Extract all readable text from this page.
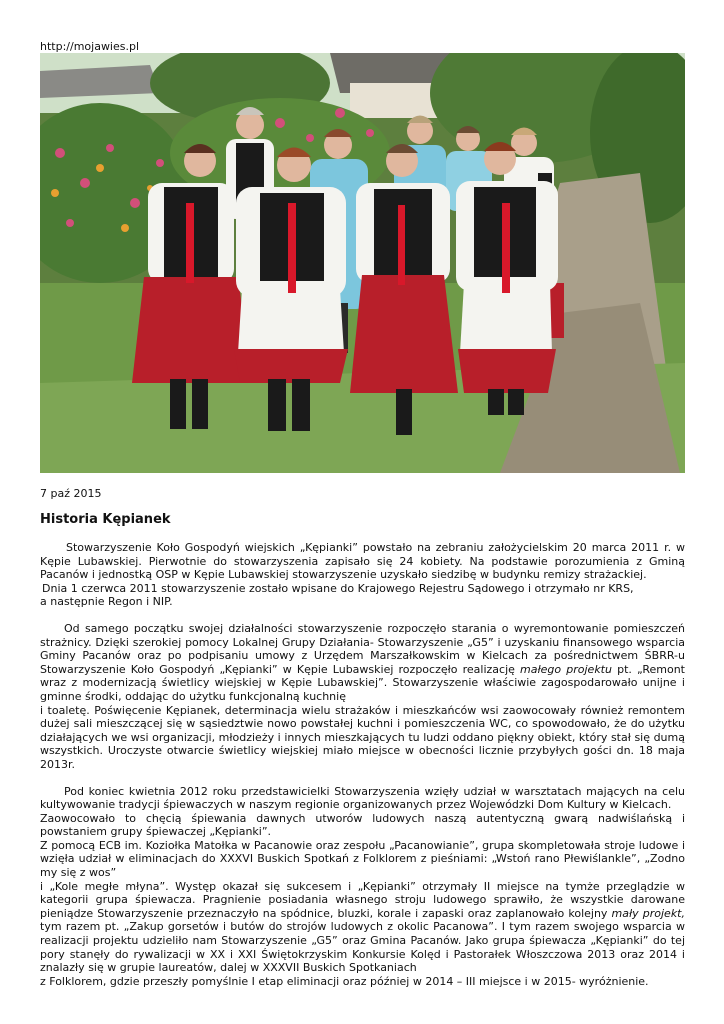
http://mojawies.pl
7 paź 2015
Historia Kępianek

Stowarzyszenie Koło Gospodyń wiejskich „Kępianki” powstało na zebraniu założycielskim 20 marca 2011 r. w Kępie Lubawskiej. Pierwotnie do stowarzyszenia zapisało się 24 kobiety. Na podstawie porozumienia z Gminą Pacanów i jednostką OSP w Kępie Lubawskiej stowarzyszenie uzyskało siedzibę w budynku remizy strażackiej.
Dnia 1 czerwca 2011 stowarzyszenie zostało wpisane do Krajowego Rejestru Sądowego i otrzymało nr KRS,
a następnie Regon i NIP.

Od samego początku swojej działalności stowarzyszenie rozpoczęło starania o wyremontowanie pomieszczeń strażnicy. Dzięki szerokiej pomocy Lokalnej Grupy Działania- Stowarzyszenie „G5” i uzyskaniu finansowego wsparcia Gminy Pacanów oraz po podpisaniu umowy z Urzędem Marszałkowskim w Kielcach za pośrednictwem ŚBRR-u Stowarzyszenie Koło Gospodyń „Kępianki” w Kępie Lubawskiej rozpoczęło realizację małego projektu pt. „Remont wraz z modernizacją świetlicy wiejskiej w Kępie Lubawskiej”. Stowarzyszenie właściwie zagospodarowało unijne i gminne środki, oddając do użytku funkcjonalną kuchnię
i toaletę. Poświęcenie Kępianek, determinacja wielu strażaków i mieszkańców wsi zaowocowały również remontem dużej sali mieszczącej się w sąsiedztwie nowo powstałej kuchni i pomieszczenia WC, co spowodowało, że do użytku działających we wsi organizacji, młodzieży i innych mieszkających tu ludzi oddano piękny obiekt, który stał się dumą wszystkich. Uroczyste otwarcie świetlicy wiejskiej miało miejsce w obecności licznie przybyłych gości dn. 18 maja 2013r.

Pod koniec kwietnia 2012 roku przedstawicielki Stowarzyszenia wzięły udział w warsztatach mających na celu kultywowanie tradycji śpiewaczych w naszym regionie organizowanych przez Wojewódzki Dom Kultury w Kielcach.
Zaowocowało to chęcią śpiewania dawnych utworów ludowych naszą autentyczną gwarą nadwiślańską i powstaniem grupy śpiewaczej „Kępianki”.
Z pomocą ECB im. Koziołka Matołka w Pacanowie oraz zespołu „Pacanowianie”, grupa skompletowała stroje ludowe i wzięła udział w eliminacjach do XXXVI Buskich Spotkań z Folklorem z pieśniami: „Wstoń rano Płewiślankle”, „Zodno my się z wos”
i „Kole megłe młyna”. Występ okazał się sukcesem i „Kępianki” otrzymały II miejsce na tymże przeglądzie w kategorii grupa śpiewacza. Pragnienie posiadania własnego stroju ludowego sprawiło, że wszystkie darowane pieniądze Stowarzyszenie przeznaczyło na spódnice, bluzki, korale i zapaski oraz zaplanowało kolejny mały projekt, tym razem pt. „Zakup gorsetów i butów do strojów ludowych z okolic Pacanowa”. I tym razem swojego wsparcia w realizacji projektu udzieliło nam Stowarzyszenie „G5” oraz Gmina Pacanów. Jako grupa śpiewacza „Kępianki” do tej pory stanęły do rywalizacji w XX i XXI Świętokrzyskim Konkursie Kolęd i Pastorałek Włoszczowa 2013 oraz 2014 i znalazły się w grupie laureatów, dalej w XXXVII Buskich Spotkaniach
z Folklorem, gdzie przeszły pomyślnie I etap eliminacji oraz później w 2014 – III miejsce i w 2015- wyróżnienie.
